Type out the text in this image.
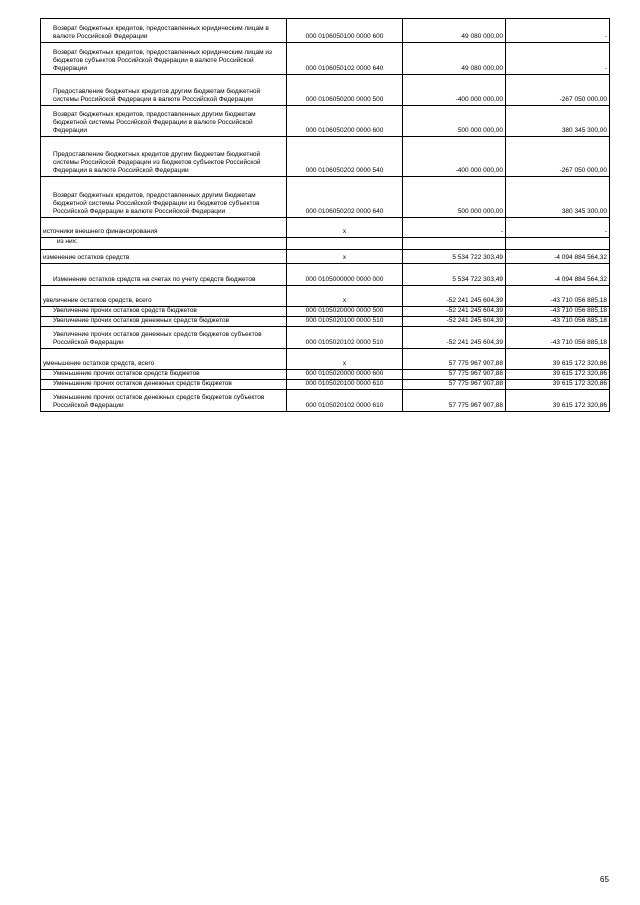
Возврат бюджетных кредитов, предоставленных юридическим лицам в валюте Российской Федерации	000 0106050100 0000 600	49 080 000,00	-
Возврат бюджетных кредитов, предоставленных юридическим лицам из бюджетов субъектов Российской Федерации в валюте Российской Федерации	000 0106050102 0000 640	49 080 000,00	-
Предоставление бюджетных кредитов другим бюджетам бюджетной системы Российской Федерации в валюте Российской Федерации	000 0106050200 0000 500	-400 000 000,00	-267 050 000,00
Возврат бюджетных кредитов, предоставленных другим бюджетам бюджетной системы Российской Федерации в валюте Российской Федерации	000 0106050200 0000 600	500 000 000,00	380 345 300,00
Предоставление бюджетных кредитов другим бюджетам бюджетной системы Российской Федерации из бюджетов субъектов Российской Федерации в валюте Российской Федерации	000 0106050202 0000 540	-400 000 000,00	-267 050 000,00
Возврат бюджетных кредитов, предоставленных другим бюджетам бюджетной системы Российской Федерации из бюджетов субъектов Российской Федерации в валюте Российской Федерации	000 0106050202 0000 640	500 000 000,00	380 345 300,00
источники внешнего финансирования	x	-	-
из них:			
изменение остатков средств	x	5 534 722 303,49	-4 094 884 564,32
Изменение остатков средств на счетах по учету средств бюджетов	000 0105000000 0000 000	5 534 722 303,49	-4 094 884 564,32
увеличение остатков средств, всего	x	-52 241 245 604,39	-43 710 056 885,18
Увеличение прочих остатков средств бюджетов	000 0105020000 0000 500	-52 241 245 604,39	-43 710 056 885,18
Увеличение прочих остатков денежных средств бюджетов	000 0105020100 0000 510	-52 241 245 604,39	-43 710 056 885,18
Увеличение прочих остатков денежных средств бюджетов субъектов Российской Федерации	000 0105020102 0000 510	-52 241 245 604,39	-43 710 056 885,18
уменьшение остатков средств, всего	x	57 775 967 907,88	39 615 172 320,86
Уменьшение прочих остатков средств бюджетов	000 0105020000 0000 600	57 775 967 907,88	39 615 172 320,86
Уменьшение прочих остатков денежных средств бюджетов	000 0105020100 0000 610	57 775 967 907,88	39 615 172 320,86
Уменьшение прочих остатков денежных средств бюджетов субъектов Российской Федерации	000 0105020102 0000 610	57 775 967 907,88	39 615 172 320,86
65
